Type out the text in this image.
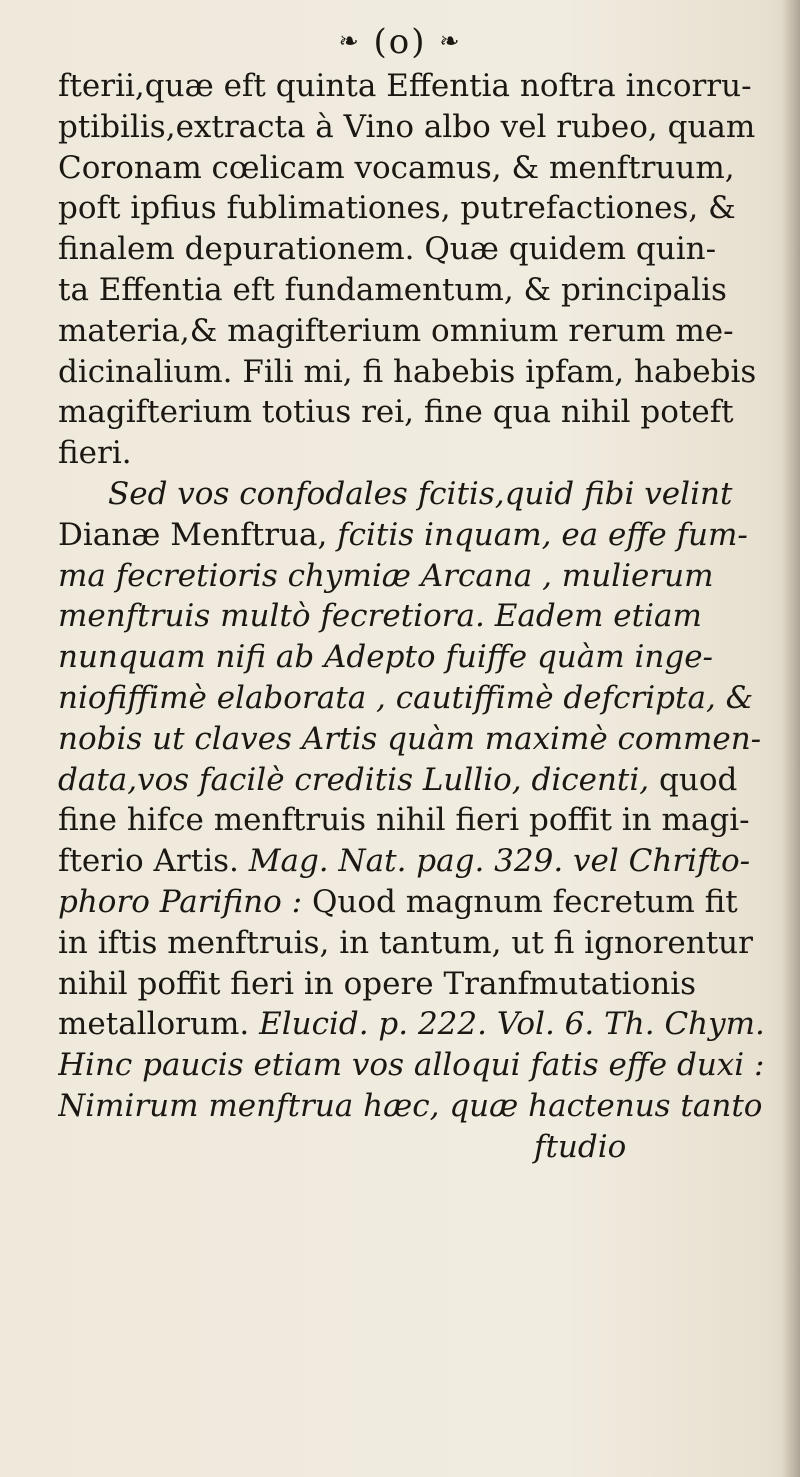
❧ (o) ❧
fterii,quæ eft quinta Effentia noftra incorru-
ptibilis,extracta à Vino albo vel rubeo, quam
Coronam cœlicam vocamus, & menftruum,
poft ipfius fublimationes, putrefactiones, &
finalem depurationem. Quæ quidem quin-
ta Effentia eft fundamentum, & principalis
materia,& magifterium omnium rerum me-
dicinalium. Fili mi, fi habebis ipfam, habebis
magifterium totius rei, fine qua nihil poteft
fieri.
Sed vos confodales fcitis,quid fibi velint
Dianæ Menftrua, fcitis inquam, ea effe fum-
ma fecretioris chymiæ Arcana , mulierum
menftruis multò fecretiora. Eadem etiam
nunquam nifi ab Adepto fuiffe quàm inge-
niofiffimè elaborata , cautiffimè defcripta, &
nobis ut claves Artis quàm maximè commen-
data,vos facilè creditis Lullio, dicenti, quod
fine hifce menftruis nihil fieri poffit in magi-
fterio Artis. Mag. Nat. pag. 329. vel Chrifto-
phoro Parifino : Quod magnum fecretum fit
in iftis menftruis, in tantum, ut fi ignorentur
nihil poffit fieri in opere Tranfmutationis
metallorum. Elucid. p. 222. Vol. 6. Th. Chym.
Hinc paucis etiam vos alloqui fatis effe duxi :
Nimirum menftrua hæc, quæ hactenus tanto
ftudio
